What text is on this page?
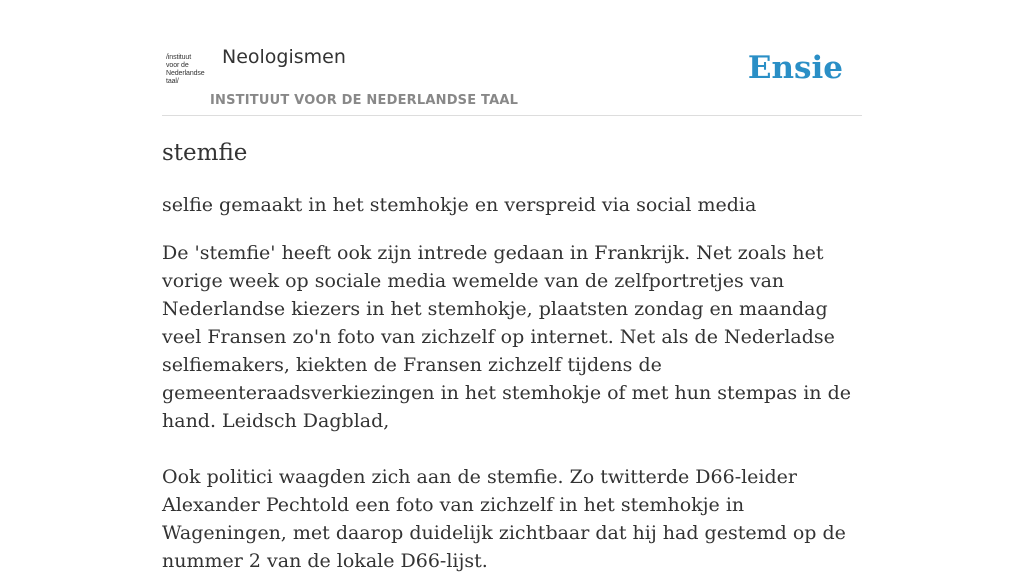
/instituut
voor de
Nederlandse
taal/
Neologismen
INSTITUUT VOOR DE NEDERLANDSE TAAL
Ensie
stemfie

selfie gemaakt in het stemhokje en verspreid via social media

De 'stemfie' heeft ook zijn intrede gedaan in Frankrijk. Net zoals het vorige week op sociale media wemelde van de zelfportretjes van Nederlandse kiezers in het stemhokje, plaatsten zondag en maandag veel Fransen zo'n foto van zichzelf op internet. Net als de Nederladse selfiemakers, kiekten de Fransen zichzelf tijdens de gemeenteraadsverkiezingen in het stemhokje of met hun stempas in de hand. Leidsch Dagblad,

Ook politici waagden zich aan de stemfie. Zo twitterde D66-leider Alexander Pechtold een foto van zichzelf in het stemhokje in Wageningen, met daarop duidelijk zichtbaar dat hij had gestemd op de nummer 2 van de lokale D66-lijst.
